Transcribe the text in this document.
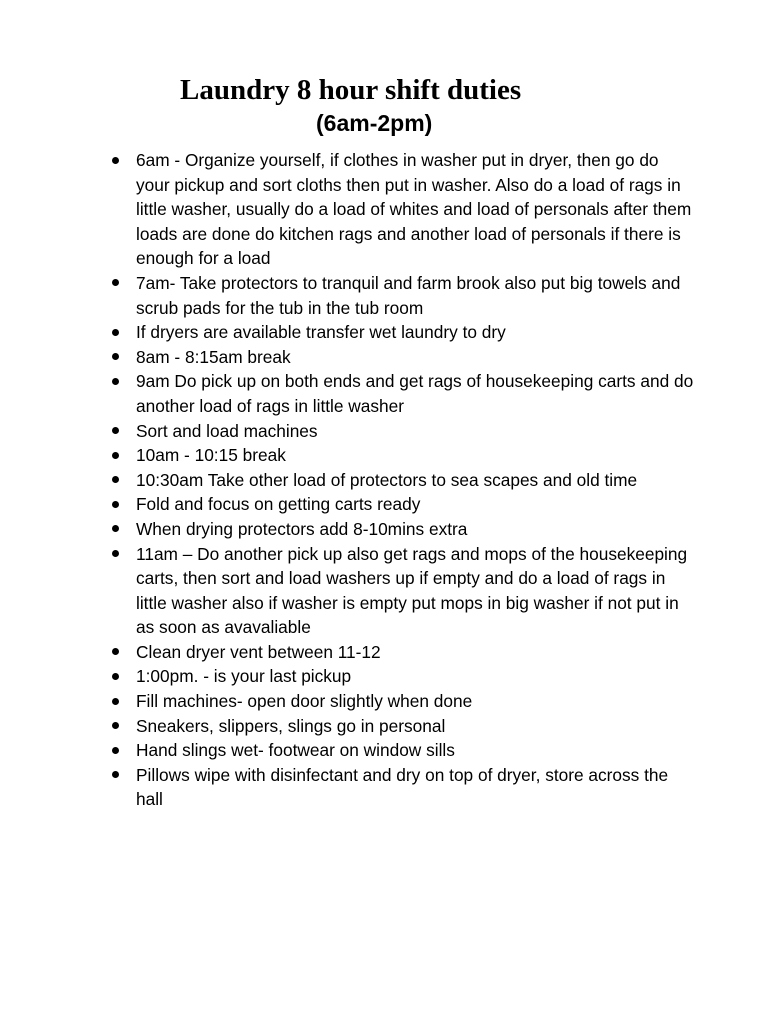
Laundry 8 hour shift duties
(6am-2pm)
6am - Organize yourself, if clothes in washer put in dryer, then go do your pickup and sort cloths then put in washer. Also do a load of rags in little washer, usually do a load of whites and load of personals after them loads are done do kitchen rags and another load of personals if there is enough for a load
7am- Take protectors to tranquil and farm brook also put big towels and scrub pads for the tub in the tub room
If dryers are available transfer wet laundry to dry
8am - 8:15am break
9am Do pick up on both ends and get rags of housekeeping carts and do another load of rags in little washer
Sort and load machines
10am - 10:15 break
10:30am Take other load of protectors to sea scapes and old time
Fold and focus on getting carts ready
When drying protectors add 8-10mins extra
11am – Do another pick up also get rags and mops of the housekeeping carts, then sort and load washers up if empty and do a load of rags in little washer also if washer is empty put mops in big washer if not put in as soon as avavaliable
Clean dryer vent between 11-12
1:00pm. - is your last pickup
Fill machines- open door slightly when done
Sneakers, slippers, slings go in personal
Hand slings wet- footwear on window sills
Pillows wipe with disinfectant and dry on top of dryer, store across the hall
